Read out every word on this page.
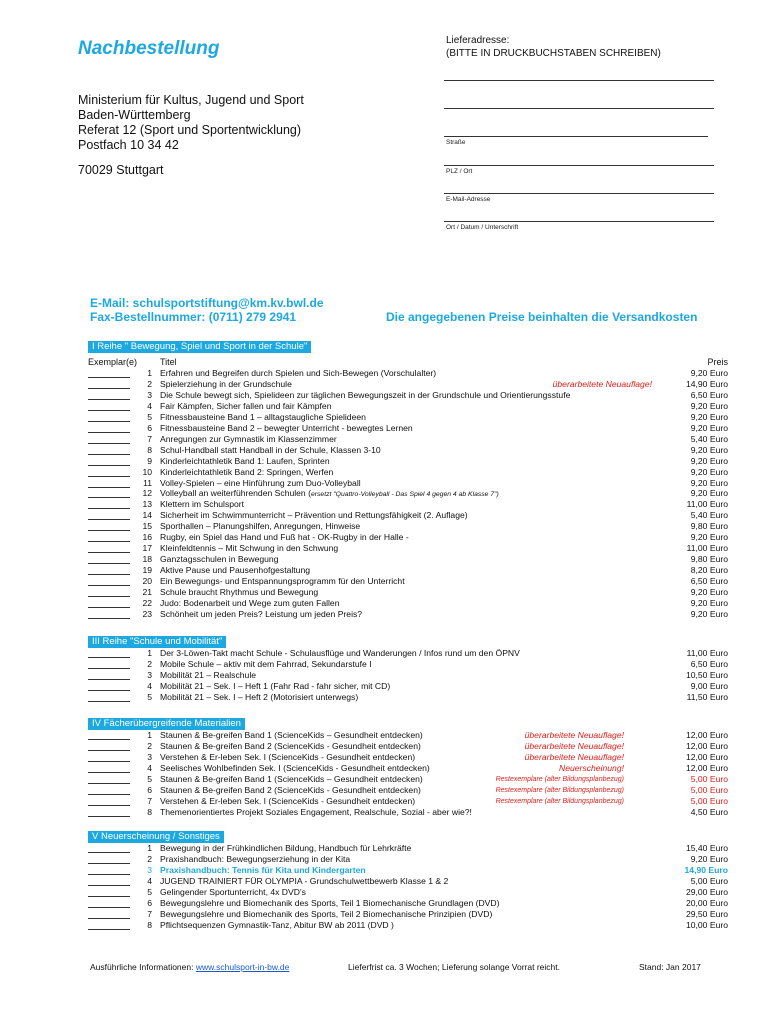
Nachbestellung
Ministerium für Kultus, Jugend und Sport
Baden-Württemberg
Referat 12 (Sport und Sportentwicklung)
Postfach 10 34 42
70029 Stuttgart
Lieferadresse:
(BITTE IN DRUCKBUCHSTABEN SCHREIBEN)
Straße
PLZ / Ort
E-Mail-Adresse
Ort / Datum / Unterschrift
E-Mail: schulsportstiftung@km.kv.bwl.de
Fax-Bestellnummer: (0711) 279 2941	Die angegebenen Preise beinhalten die Versandkosten
Exemplar(e)	Titel	Preis
I Reihe " Bewegung, Spiel und Sport in der Schule"
1 Erfahren und Begreifen durch Spielen und Sich-Bewegen (Vorschulalter)	9,20 Euro
2 Spielerziehung in der Grundschule	überarbeitete Neuauflage!	14,90 Euro
3 Die Schule bewegt sich, Spielideen zur täglichen Bewegungszeit in der Grundschule und Orientierungsstufe	6,50 Euro
4 Fair Kämpfen, Sicher fallen und fair Kämpfen	9,20 Euro
5 Fitnessbausteine Band 1 – alltagstaugliche Spielideen	9,20 Euro
6 Fitnessbausteine Band 2 – bewegter Unterricht - bewegtes Lernen	9,20 Euro
7 Anregungen zur Gymnastik im Klassenzimmer	5,40 Euro
8 Schul-Handball statt Handball in der Schule, Klassen 3-10	9,20 Euro
9 Kinderleichtathletik Band 1: Laufen, Sprinten	9,20 Euro
10 Kinderleichtathletik Band 2: Springen, Werfen	9,20 Euro
11 Volley-Spielen – eine Hinführung zum Duo-Volleyball	9,20 Euro
12 Volleyball an weiterführenden Schulen (ersetzt "Quattro-Volleyball - Das Spiel 4 gegen 4 ab Klasse 7")	9,20 Euro
13 Klettern im Schulsport	11,00 Euro
14 Sicherheit im Schwimmunterricht – Prävention und Rettungsfähigkeit (2. Auflage)	5,40 Euro
15 Sporthallen – Planungshilfen, Anregungen, Hinweise	9,80 Euro
16 Rugby, ein Spiel das Hand und Fuß hat - OK-Rugby in der Halle -	9,20 Euro
17 Kleinfeldtennis – Mit Schwung in den Schwung	11,00 Euro
18 Ganztagsschulen in Bewegung	9,80 Euro
19 Aktive Pause und Pausenhofgestaltung	8,20 Euro
20 Ein Bewegungs- und Entspannungsprogramm für den Unterricht	6,50 Euro
21 Schule braucht Rhythmus und Bewegung	9,20 Euro
22 Judo: Bodenarbeit und Wege zum guten Fallen	9,20 Euro
23 Schönheit um jeden Preis? Leistung um jeden Preis?	9,20 Euro
III Reihe "Schule und Mobilität"
1 Der 3-Löwen-Takt macht Schule - Schulausflüge und Wanderungen / Infos rund um den ÖPNV	11,00 Euro
2 Mobile Schule – aktiv mit dem Fahrrad, Sekundarstufe I	6,50 Euro
3 Mobilität 21 – Realschule	10,50 Euro
4 Mobilität 21 – Sek. I – Heft 1 (Fahr Rad - fahr sicher, mit CD)	9,00 Euro
5 Mobilität 21 – Sek. I – Heft 2 (Motorisiert unterwegs)	11,50 Euro
IV Fächerübergreifende Materialien
1 Staunen & Be-greifen Band 1 (ScienceKids – Gesundheit entdecken)	überarbeitete Neuauflage!	12,00 Euro
2 Staunen & Be-greifen Band 2 (ScienceKids - Gesundheit entdecken)	überarbeitete Neuauflage!	12,00 Euro
3 Verstehen & Er-leben Sek. I (ScienceKids - Gesundheit entdecken)	überarbeitete Neuauflage!	12,00 Euro
4 Seelisches Wohlbefinden Sek. I (ScienceKids - Gesundheit entdecken)	Neuerscheinung!	12,00 Euro
5 Staunen & Be-greifen Band 1 (ScienceKids – Gesundheit entdecken)	Restexemplare (alter Bildungsplanbezug)	5,00 Euro
6 Staunen & Be-greifen Band 2 (ScienceKids - Gesundheit entdecken)	Restexemplare (alter Bildungsplanbezug)	5,00 Euro
7 Verstehen & Er-leben Sek. I (ScienceKids - Gesundheit entdecken)	Restexemplare (alter Bildungsplanbezug)	5,00 Euro
8 Themenorientiertes Projekt Soziales Engagement, Realschule, Sozial - aber wie?!	4,50 Euro
V Neuerscheinung / Sonstiges
1 Bewegung in der Frühkindlichen Bildung, Handbuch für Lehrkräfte	15,40 Euro
2 Praxishandbuch: Bewegungserziehung in der Kita	9,20 Euro
3 Praxishandbuch: Tennis für Kita und Kindergarten	14,90 Euro
4 JUGEND TRAINIERT FÜR OLYMPIA - Grundschulwettbewerb Klasse 1 & 2	5,00 Euro
5 Gelingender Sportunterricht, 4x DVD's	29,00 Euro
6 Bewegungslehre und Biomechanik des Sports, Teil 1 Biomechanische Grundlagen (DVD)	20,00 Euro
7 Bewegungslehre und Biomechanik des Sports, Teil 2 Biomechanische Prinzipien (DVD)	29,50 Euro
8 Pflichtsequenzen Gymnastik-Tanz, Abitur BW ab 2011 (DVD )	10,00 Euro
Ausführliche Informationen: www.schulsport-in-bw.de	Lieferfrist ca. 3 Wochen; Lieferung solange Vorrat reicht.	Stand: Jan 2017
